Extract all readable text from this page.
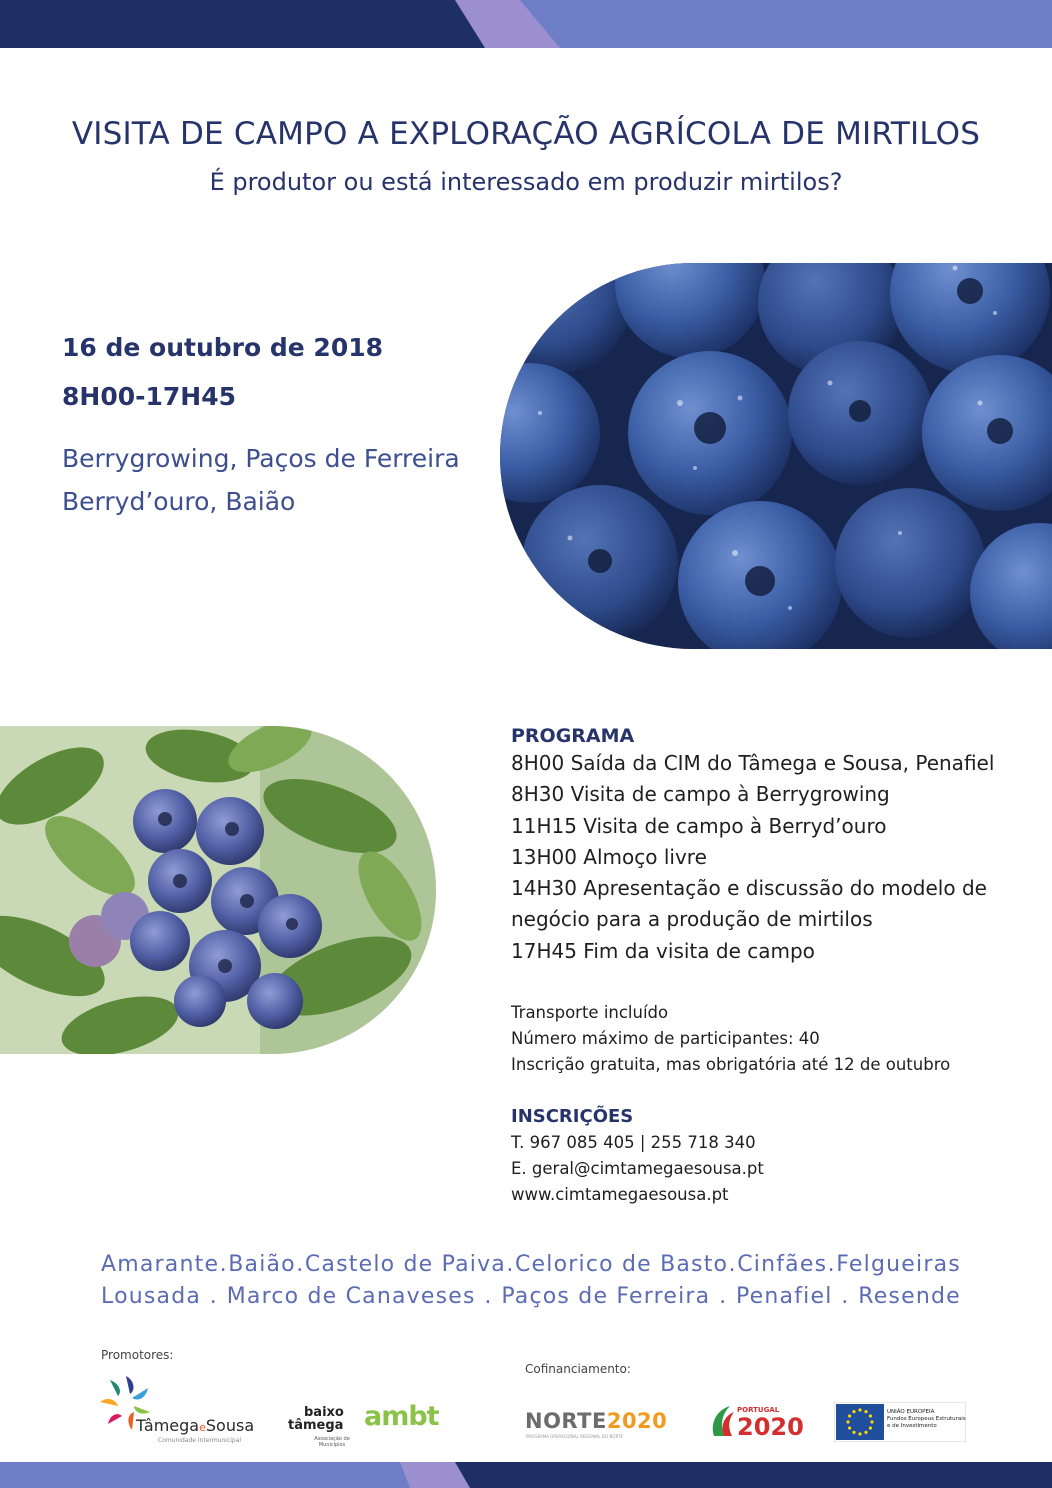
VISITA DE CAMPO A EXPLORAÇÃO AGRÍCOLA DE MIRTILOS
É produtor ou está interessado em produzir mirtilos?
16 de outubro de 2018
8H00-17H45
Berrygrowing, Paços de Ferreira
Berryd’ouro, Baião
PROGRAMA
8H00 Saída da CIM do Tâmega e Sousa, Penafiel
8H30 Visita de campo à Berrygrowing
11H15 Visita de campo à Berryd’ouro
13H00 Almoço livre
14H30 Apresentação e discussão do modelo de
negócio para a produção de mirtilos
17H45 Fim da visita de campo
Transporte incluído
Número máximo de participantes: 40
Inscrição gratuita, mas obrigatória até 12 de outubro
INSCRIÇÕES
T. 967 085 405 | 255 718 340
E. geral@cimtamegaesousa.pt
www.cimtamegaesousa.pt
Amarante . Baião . Castelo de Paiva . Celorico de Basto . Cinfães . Felgueiras
Lousada . Marco de Canaveses . Paços de Ferreira . Penafiel . Resende
Promotores:
Cofinanciamento:
TâmegaeSousa
Comunidade Intermunicipal
baixo
tâmega
Associação de Municípios
ambt	NORTE2020
PROGRAMA OPERACIONAL REGIONAL DO NORTE
PORTUGAL
2020
UNIÃO EUROPEIA
Fundos Europeus Estruturais e de Investimento
